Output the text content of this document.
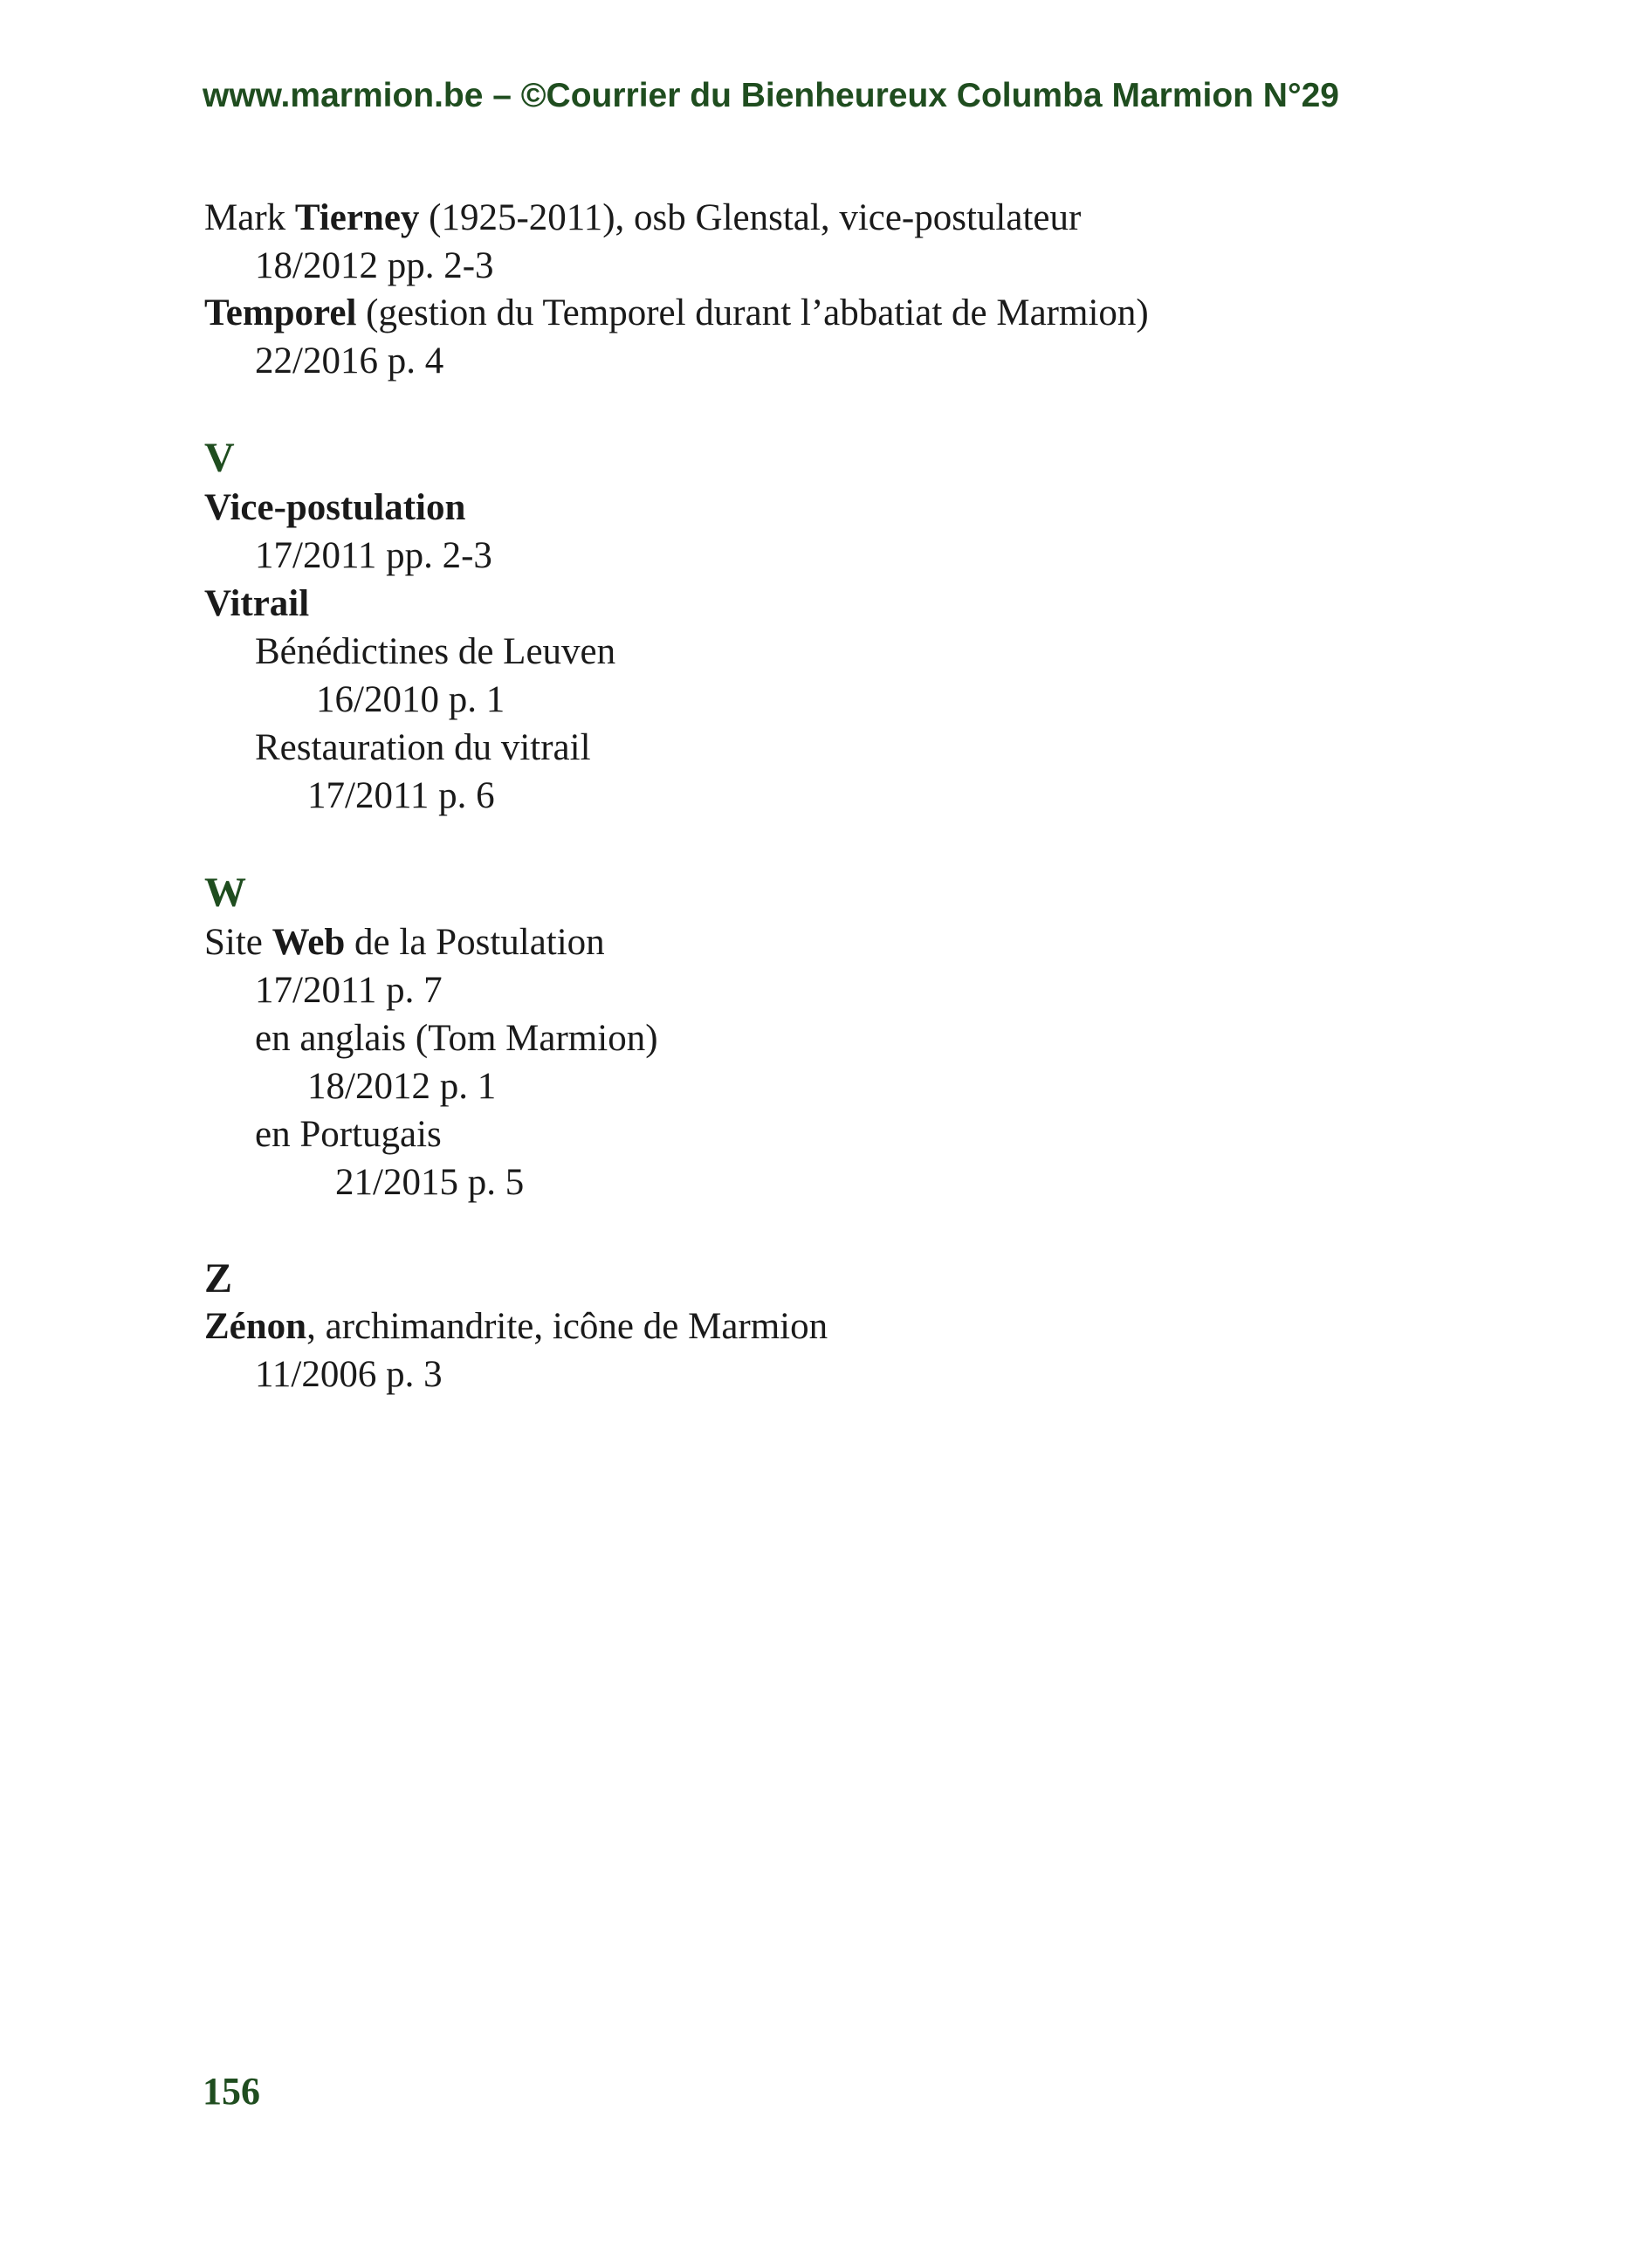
www.marmion.be – ©Courrier du Bienheureux Columba Marmion N°29
Mark Tierney (1925-2011), osb Glenstal, vice-postulateur
18/2012 pp. 2-3
Temporel (gestion du Temporel durant l’abbatiat de Marmion)
22/2016 p. 4
V
Vice-postulation
17/2011 pp. 2-3
Vitrail
Bénédictines de Leuven
16/2010 p. 1
Restauration du vitrail
17/2011 p. 6
W
Site Web de la Postulation
17/2011 p. 7
en anglais (Tom Marmion)
18/2012 p. 1
en Portugais
21/2015 p. 5
Z
Zénon, archimandrite, icône de Marmion
11/2006 p. 3
156
